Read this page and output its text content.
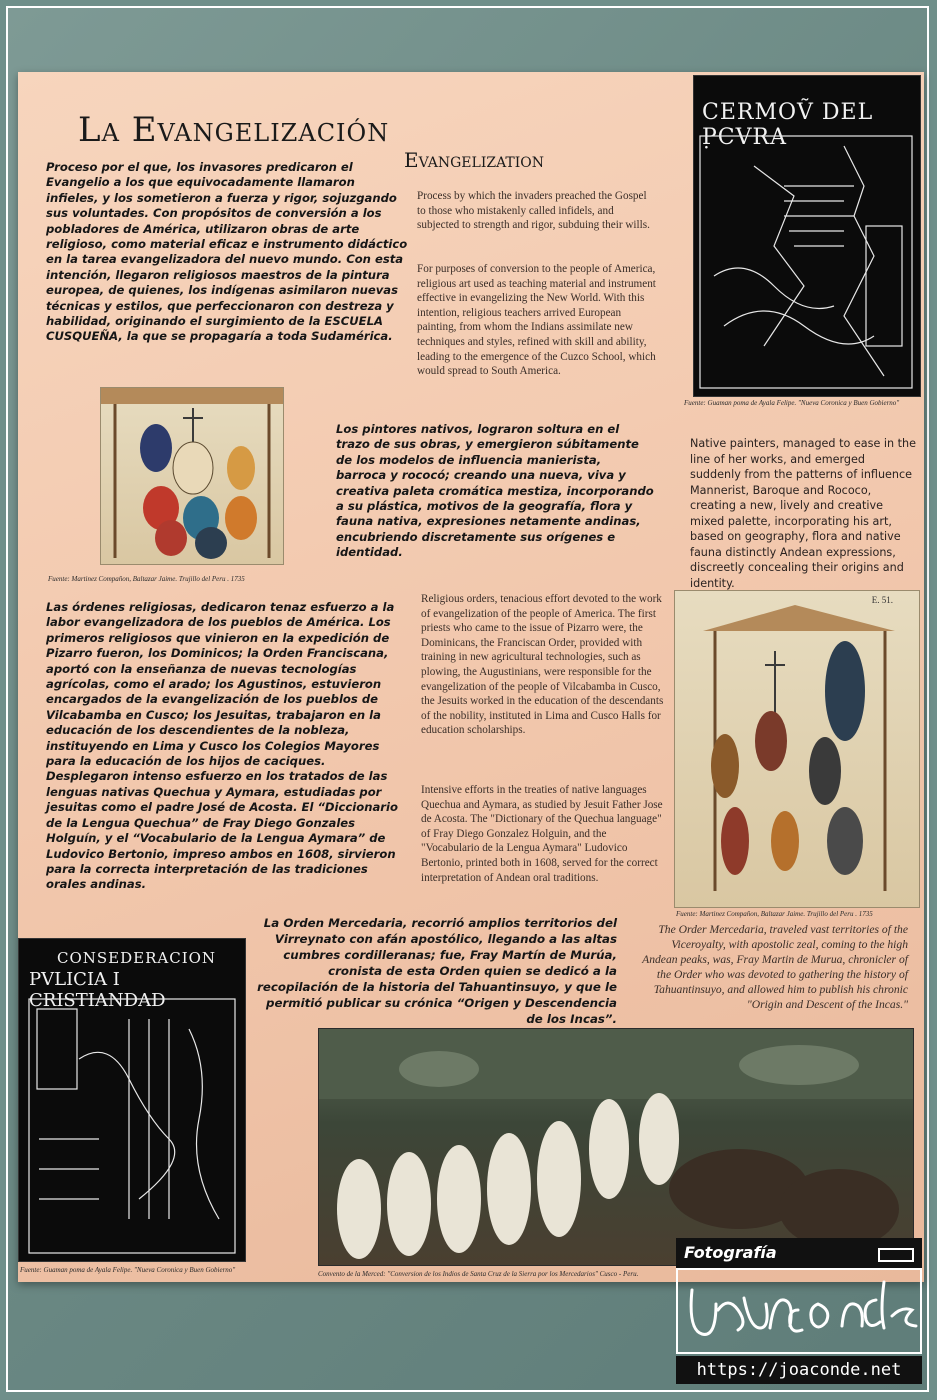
La Evangelización
Evangelization

Proceso por el que, los invasores predicaron el Evangelio a los que equivocadamente llamaron infieles, y los sometieron a fuerza y rigor, sojuzgando sus voluntades. Con propósitos de conversión a los pobladores de América, utilizaron obras de arte religioso, como material eficaz e instrumento didáctico en la tarea evangelizadora del nuevo mundo. Con esta intención, llegaron religiosos maestros de la pintura europea, de quienes, los indígenas asimilaron nuevas técnicas y estilos, que perfeccionaron con destreza y habilidad, originando el surgimiento de la ESCUELA CUSQUEÑA, la que se propagaría a toda Sudamérica.

Process by which the invaders preached the Gospel to those who mistakenly called infidels, and subjected to strength and rigor, subduing their wills.

For purposes of conversion to the people of America, religious art used as teaching material and instrument effective in evangelizing the New World. With this intention, religious teachers arrived European painting, from whom the Indians assimilate new techniques and styles, refined with skill and ability, leading to the emergence of the Cuzco School, which would spread to South America.

CERMOṼ DEL P̣CVRA
Fuente: Guaman poma de Ayala Felipe. "Nueva Coronica y Buen Gobierno"
Fuente: Martinez Compañon, Baltazar Jaime. Trujillo del Peru . 1735

Los pintores nativos, lograron soltura en el trazo de sus obras, y emergieron súbitamente de los modelos de influencia manierista, barroca y rococó; creando una nueva, viva y creativa paleta cromática mestiza, incorporando a su plástica, motivos de la geografía, flora y fauna nativa, expresiones netamente andinas, encubriendo discretamente sus orígenes e identidad.

Native painters, managed to ease in the line of her works, and emerged suddenly from the patterns of influence Mannerist, Baroque and Rococo, creating a new, lively and creative mixed palette, incorporating his art, based on geography, flora and native fauna distinctly Andean expressions, discreetly concealing their origins and identity.

Las órdenes religiosas, dedicaron tenaz esfuerzo a la labor evangelizadora de los pueblos de América. Los primeros religiosos que vinieron en la expedición de Pizarro fueron, los Dominicos; la Orden Franciscana, aportó con la enseñanza de nuevas tecnologías agrícolas, como el arado; los Agustinos, estuvieron encargados de la evangelización de los pueblos de Vilcabamba en Cusco; los Jesuitas, trabajaron en la educación de los descendientes de la nobleza, instituyendo en Lima y Cusco los Colegios Mayores para la educación de los hijos de caciques. Desplegaron intenso esfuerzo en los tratados de las lenguas nativas Quechua y Aymara, estudiadas por jesuitas como el padre José de Acosta. El “Diccionario de la Lengua Quechua” de Fray Diego Gonzales Holguín, y el “Vocabulario de la Lengua Aymara” de Ludovico Bertonio, impreso ambos en 1608, sirvieron para la correcta interpretación de las tradiciones orales andinas.

Religious orders, tenacious effort devoted to the work of evangelization of the people of America. The first priests who came to the issue of Pizarro were, the Dominicans, the Franciscan Order, provided with training in new agricultural technologies, such as plowing, the Augustinians, were responsible for the evangelization of the people of Vilcabamba in Cusco, the Jesuits worked in the education of the descendants of the nobility, instituted in Lima and Cusco Halls for education scholarships.

Intensive efforts in the treaties of native languages Quechua and Aymara, as studied by Jesuit Father Jose de Acosta. The "Dictionary of the Quechua language" of Fray Diego Gonzalez Holguin, and the "Vocabulario de la Lengua Aymara" Ludovico Bertonio, printed both in 1608, served for the correct interpretation of Andean oral traditions.

E. 51.
Fuente: Martinez Compañon, Baltazar Jaime. Trujillo del Peru . 1735

La Orden Mercedaria, recorrió amplios territorios del Virreynato con afán apostólico, llegando a las altas cumbres cordilleranas; fue, Fray Martín de Murúa, cronista de esta Orden quien se dedicó a la recopilación de la historia del Tahuantinsuyo, y que le permitió publicar su crónica “Origen y Descendencia de los Incas”.

The Order Mercedaria, traveled vast territories of the Viceroyalty, with apostolic zeal, coming to the high Andean peaks, was, Fray Martin de Murua, chronicler of the Order who was devoted to gathering the history of Tahuantinsuyo, and allowed him to publish his chronic "Origin and Descent of the Incas."

CONSEDERACION
PVLICIA I CRISTIANDAD
Fuente: Guaman poma de Ayala Felipe. "Nueva Coronica y Buen Gobierno"	Convento de la Merced: "Conversion de los Indios de Santa Cruz de la Sierra por los Mercedarios" Cusco - Peru.
Fotografía
https://joaconde.net
